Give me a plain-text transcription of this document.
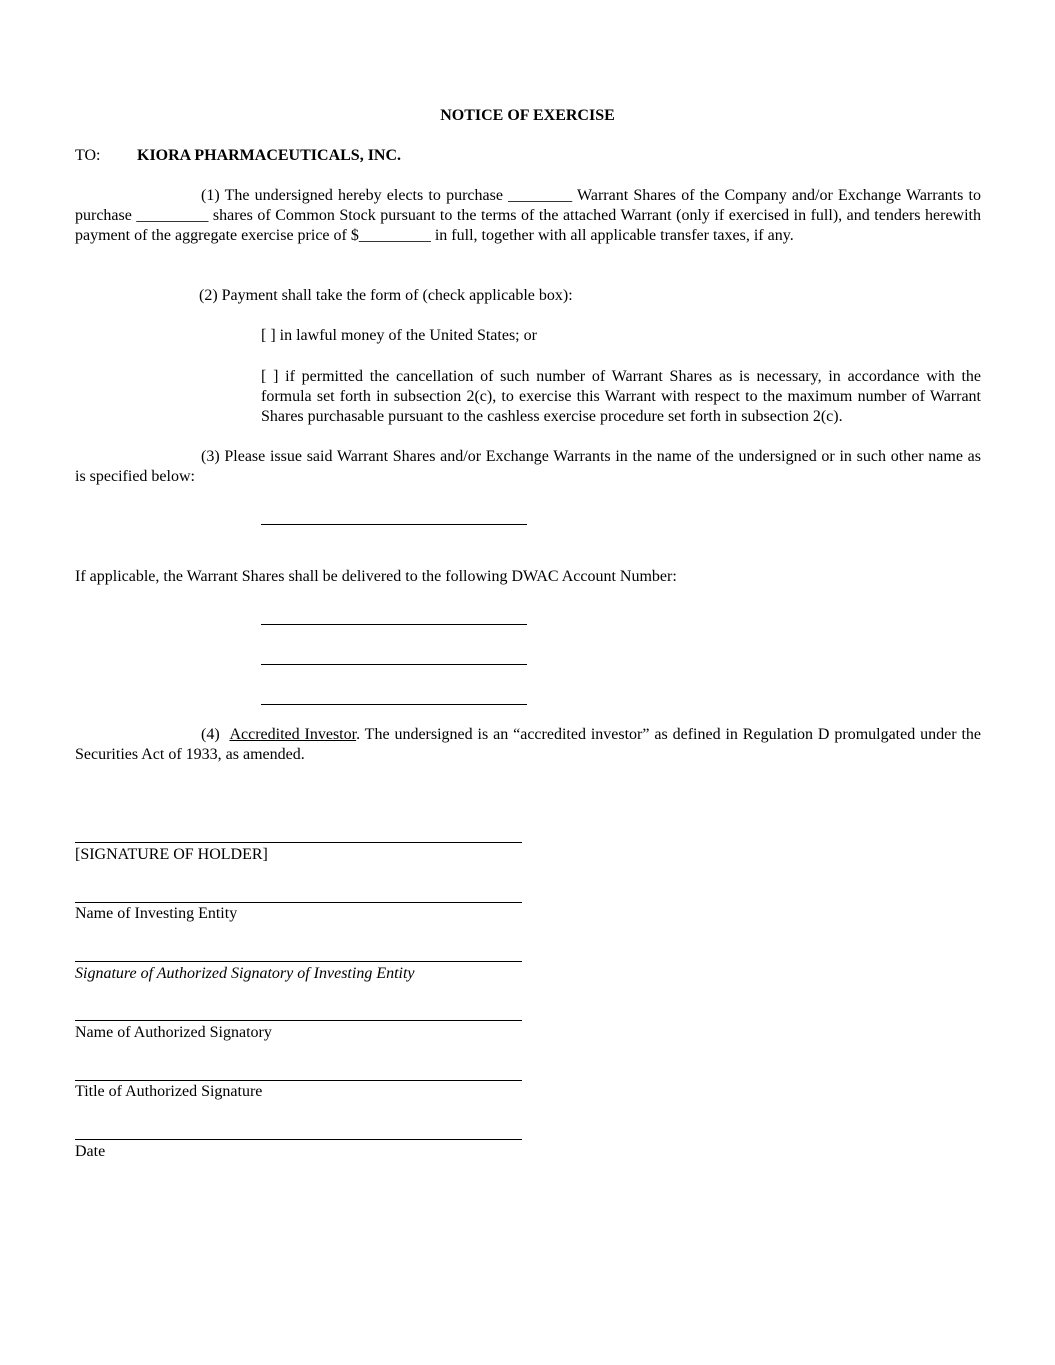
NOTICE OF EXERCISE
TO: KIORA PHARMACEUTICALS, INC.
(1) The undersigned hereby elects to purchase ________ Warrant Shares of the Company and/or Exchange Warrants to purchase _________ shares of Common Stock pursuant to the terms of the attached Warrant (only if exercised in full), and tenders herewith payment of the aggregate exercise price of $_________ in full, together with all applicable transfer taxes, if any.
(2) Payment shall take the form of (check applicable box):
[ ] in lawful money of the United States; or
[ ] if permitted the cancellation of such number of Warrant Shares as is necessary, in accordance with the formula set forth in subsection 2(c), to exercise this Warrant with respect to the maximum number of Warrant Shares purchasable pursuant to the cashless exercise procedure set forth in subsection 2(c).
(3) Please issue said Warrant Shares and/or Exchange Warrants in the name of the undersigned or in such other name as is specified below:
If applicable, the Warrant Shares shall be delivered to the following DWAC Account Number:
(4) Accredited Investor. The undersigned is an “accredited investor” as defined in Regulation D promulgated under the Securities Act of 1933, as amended.
[SIGNATURE OF HOLDER]
Name of Investing Entity
Signature of Authorized Signatory of Investing Entity
Name of Authorized Signatory
Title of Authorized Signature
Date
